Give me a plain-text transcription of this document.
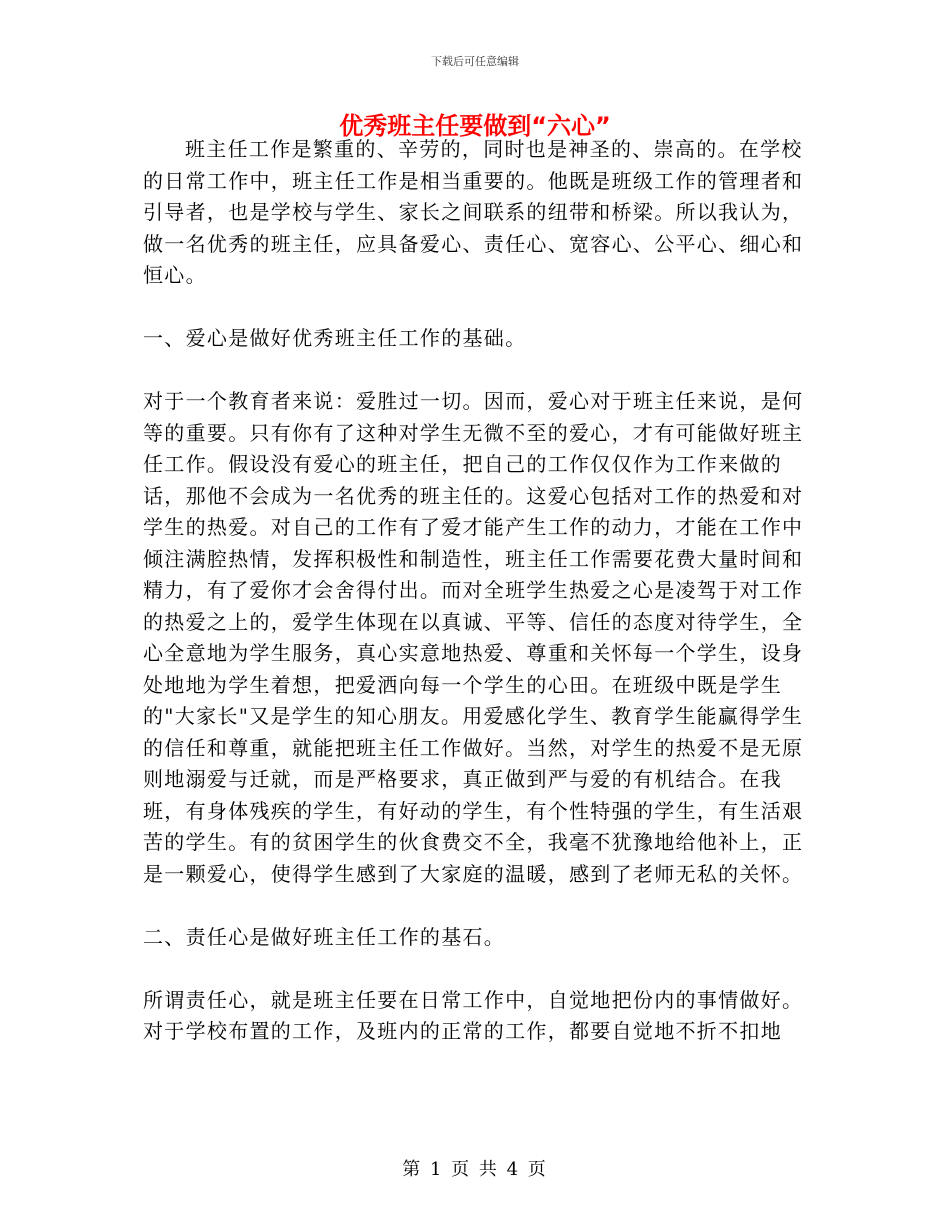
下载后可任意编辑
优秀班主任要做到“六心”

班主任工作是繁重的、辛劳的，同时也是神圣的、崇高的。在学校的日常工作中，班主任工作是相当重要的。他既是班级工作的管理者和引导者，也是学校与学生、家长之间联系的纽带和桥梁。所以我认为，做一名优秀的班主任，应具备爱心、责任心、宽容心、公平心、细心和恒心。

一、爱心是做好优秀班主任工作的基础。

对于一个教育者来说：爱胜过一切。因而，爱心对于班主任来说，是何等的重要。只有你有了这种对学生无微不至的爱心，才有可能做好班主任工作。假设没有爱心的班主任，把自己的工作仅仅作为工作来做的话，那他不会成为一名优秀的班主任的。这爱心包括对工作的热爱和对学生的热爱。对自己的工作有了爱才能产生工作的动力，才能在工作中倾注满腔热情，发挥积极性和制造性，班主任工作需要花费大量时间和精力，有了爱你才会舍得付出。而对全班学生热爱之心是凌驾于对工作的热爱之上的，爱学生体现在以真诚、平等、信任的态度对待学生，全心全意地为学生服务，真心实意地热爱、尊重和关怀每一个学生，设身处地地为学生着想，把爱洒向每一个学生的心田。在班级中既是学生的"大家长"又是学生的知心朋友。用爱感化学生、教育学生能赢得学生的信任和尊重，就能把班主任工作做好。当然，对学生的热爱不是无原则地溺爱与迁就，而是严格要求，真正做到严与爱的有机结合。在我班，有身体残疾的学生，有好动的学生，有个性特强的学生，有生活艰苦的学生。有的贫困学生的伙食费交不全，我毫不犹豫地给他补上，正是一颗爱心，使得学生感到了大家庭的温暖，感到了老师无私的关怀。

二、责任心是做好班主任工作的基石。

所谓责任心，就是班主任要在日常工作中，自觉地把份内的事情做好。对于学校布置的工作，及班内的正常的工作，都要自觉地不折不扣地

第 1 页 共 4 页
